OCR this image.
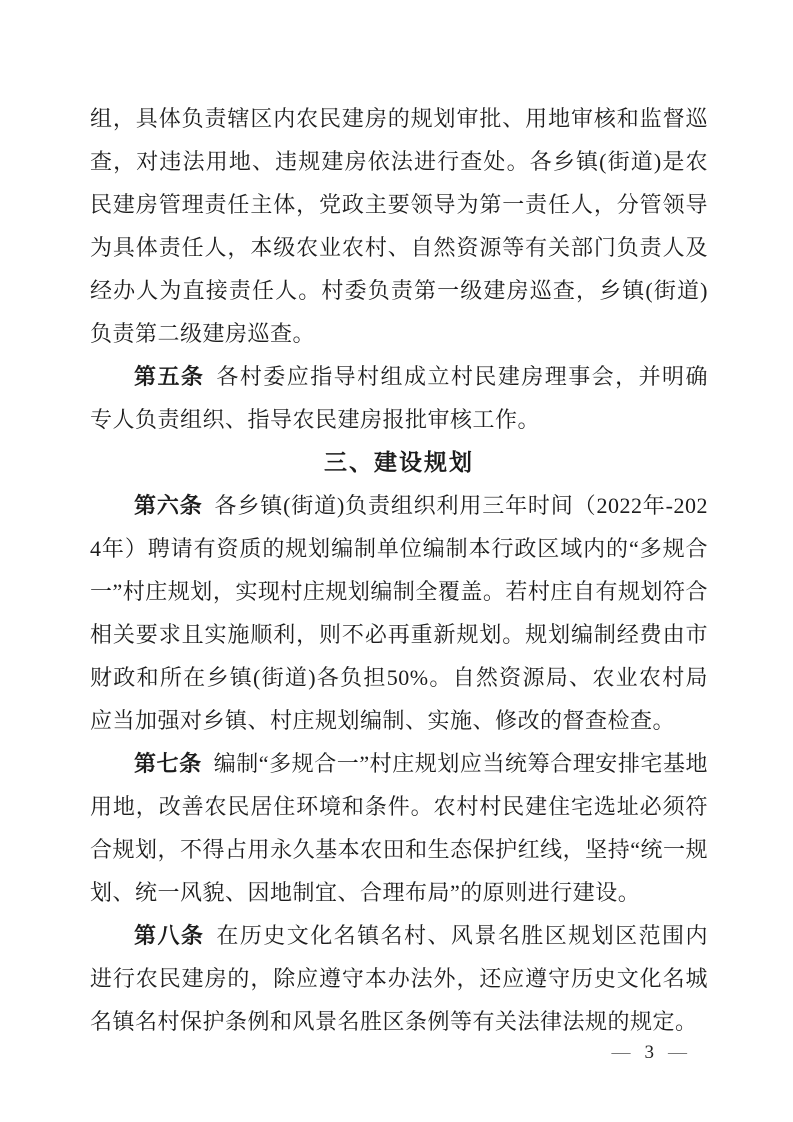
组，具体负责辖区内农民建房的规划审批、用地审核和监督巡查，对违法用地、违规建房依法进行查处。各乡镇(街道)是农民建房管理责任主体，党政主要领导为第一责任人，分管领导为具体责任人，本级农业农村、自然资源等有关部门负责人及经办人为直接责任人。村委负责第一级建房巡查，乡镇(街道)负责第二级建房巡查。

第五条 各村委应指导村组成立村民建房理事会，并明确专人负责组织、指导农民建房报批审核工作。

三、建设规划

第六条 各乡镇(街道)负责组织利用三年时间（2022年-2024年）聘请有资质的规划编制单位编制本行政区域内的“多规合一”村庄规划，实现村庄规划编制全覆盖。若村庄自有规划符合相关要求且实施顺利，则不必再重新规划。规划编制经费由市财政和所在乡镇(街道)各负担50%。自然资源局、农业农村局应当加强对乡镇、村庄规划编制、实施、修改的督查检查。

第七条 编制“多规合一”村庄规划应当统筹合理安排宅基地用地，改善农民居住环境和条件。农村村民建住宅选址必须符合规划，不得占用永久基本农田和生态保护红线，坚持“统一规划、统一风貌、因地制宜、合理布局”的原则进行建设。

第八条 在历史文化名镇名村、风景名胜区规划区范围内进行农民建房的，除应遵守本办法外，还应遵守历史文化名城名镇名村保护条例和风景名胜区条例等有关法律法规的规定。

— 3 —
